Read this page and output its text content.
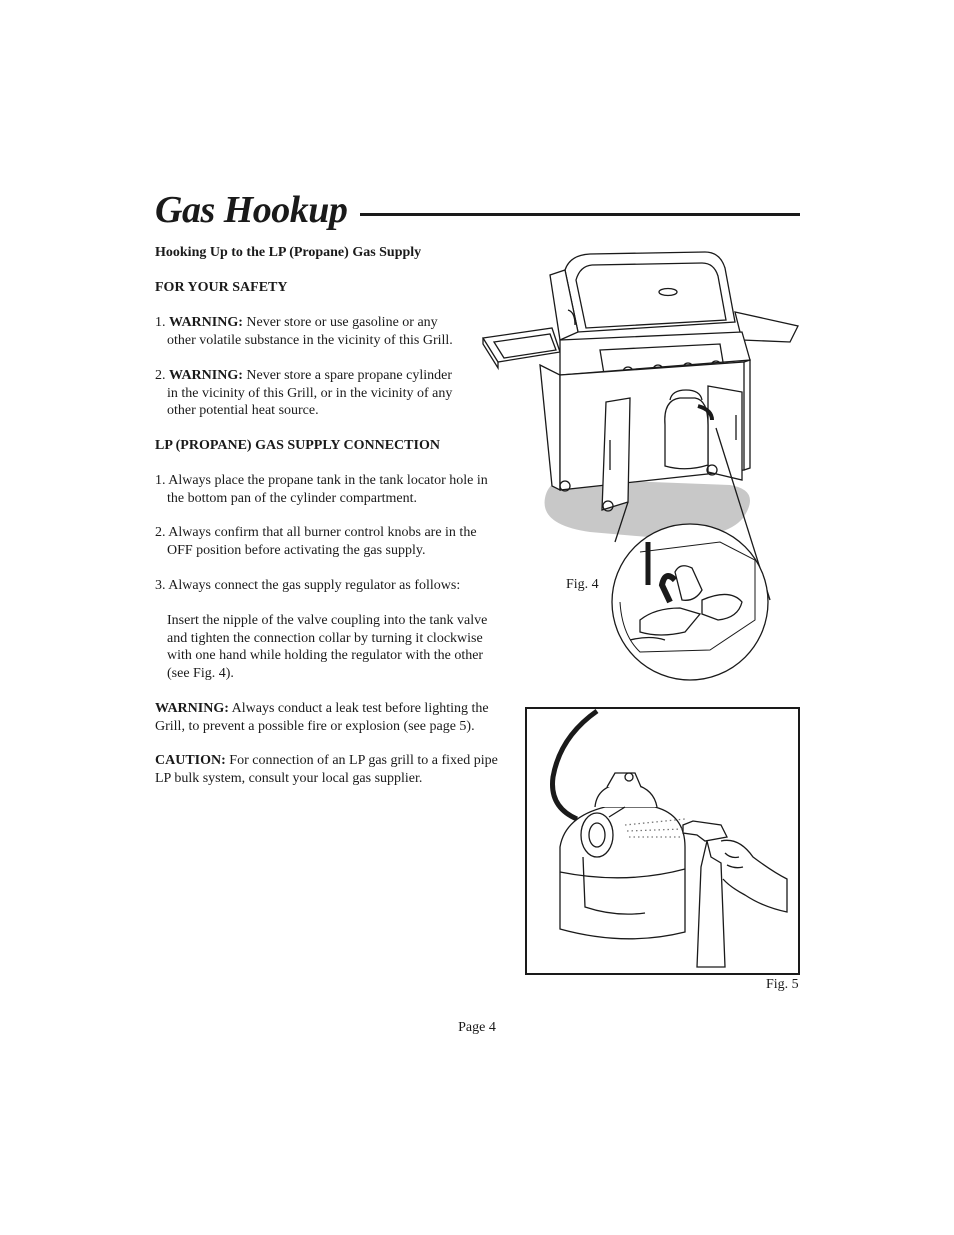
Gas Hookup
Hooking Up to the LP (Propane) Gas Supply
FOR YOUR SAFETY
1. WARNING: Never store or use gasoline or any
other volatile substance in the vicinity of this Grill.
2. WARNING: Never store a spare propane cylinder
in the vicinity of this Grill, or in the vicinity of any
other potential heat source.
LP (PROPANE) GAS SUPPLY CONNECTION
1. Always place the propane tank in the tank locator hole in
the bottom pan of the cylinder compartment.
2. Always confirm that all burner control knobs are in the
OFF position before activating the gas supply.
3. Always connect the gas supply regulator as follows:
Insert the nipple of the valve coupling into the tank valve
and tighten the connection collar by turning it clockwise
with one hand while holding the regulator with the other
(see Fig. 4).
WARNING: Always conduct a leak test before lighting the
Grill, to prevent a possible fire or explosion (see page 5).
CAUTION: For connection of an LP gas grill to a fixed pipe
LP bulk system, consult your local gas supplier.
Fig. 4
Fig. 5
Page 4
